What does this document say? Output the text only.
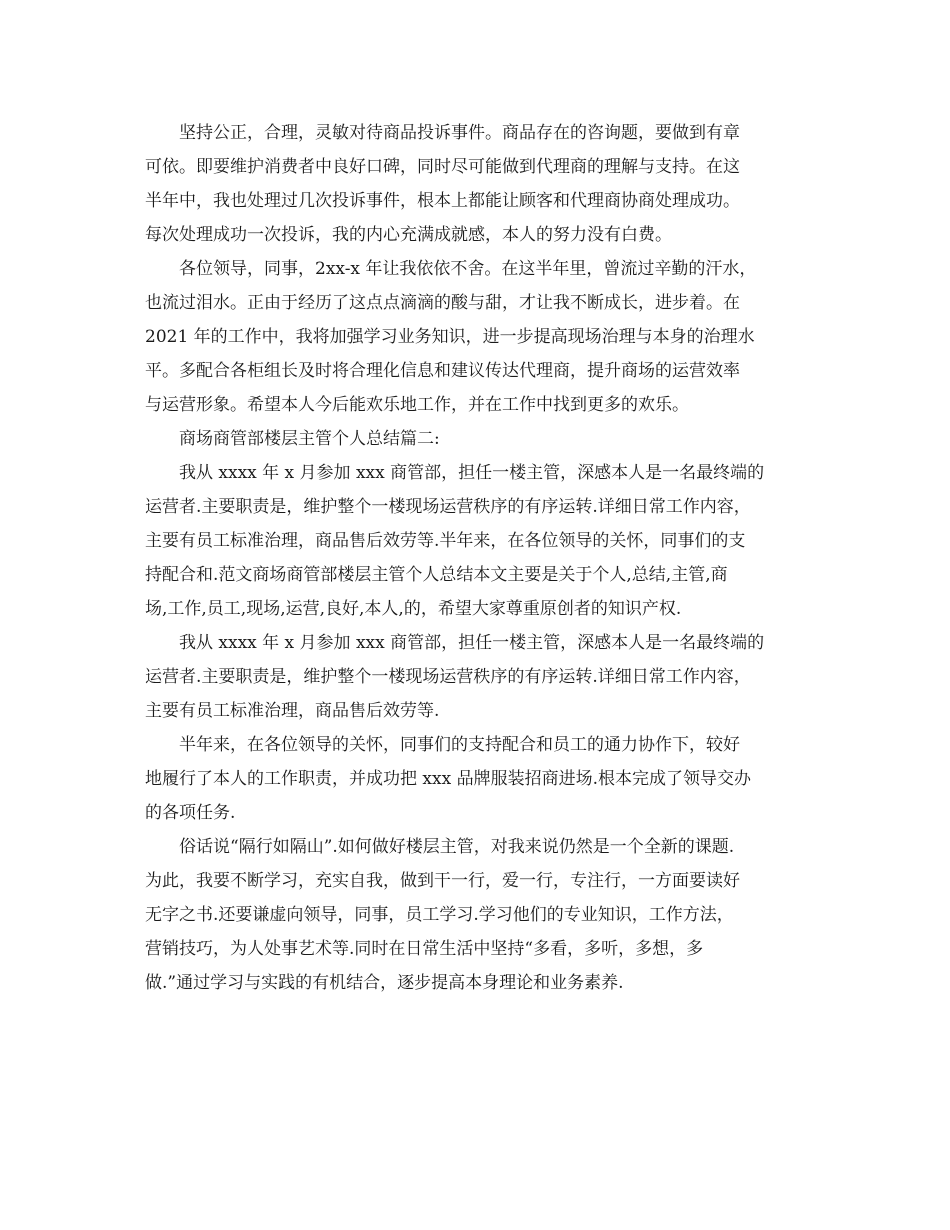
坚持公正，合理，灵敏对待商品投诉事件。商品存在的咨询题，要做到有章

可依。即要维护消费者中良好口碑，同时尽可能做到代理商的理解与支持。在这

半年中，我也处理过几次投诉事件，根本上都能让顾客和代理商协商处理成功。

每次处理成功一次投诉，我的内心充满成就感，本人的努力没有白费。

各位领导，同事，2xx-x 年让我依依不舍。在这半年里，曾流过辛勤的汗水，

也流过泪水。正由于经历了这点点滴滴的酸与甜，才让我不断成长，进步着。在

2021 年的工作中，我将加强学习业务知识，进一步提高现场治理与本身的治理水

平。多配合各柜组长及时将合理化信息和建议传达代理商，提升商场的运营效率

与运营形象。希望本人今后能欢乐地工作，并在工作中找到更多的欢乐。

商场商管部楼层主管个人总结篇二:

我从 xxxx 年 x 月参加 xxx 商管部，担任一楼主管，深感本人是一名最终端的

运营者.主要职责是，维护整个一楼现场运营秩序的有序运转.详细日常工作内容，

主要有员工标准治理，商品售后效劳等.半年来，在各位领导的关怀，同事们的支

持配合和.范文商场商管部楼层主管个人总结本文主要是关于个人,总结,主管,商

场,工作,员工,现场,运营,良好,本人,的，希望大家尊重原创者的知识产权.

我从 xxxx 年 x 月参加 xxx 商管部，担任一楼主管，深感本人是一名最终端的

运营者.主要职责是，维护整个一楼现场运营秩序的有序运转.详细日常工作内容，

主要有员工标准治理，商品售后效劳等.

半年来，在各位领导的关怀，同事们的支持配合和员工的通力协作下，较好

地履行了本人的工作职责，并成功把 xxx 品牌服装招商进场.根本完成了领导交办

的各项任务.

俗话说“隔行如隔山”.如何做好楼层主管，对我来说仍然是一个全新的课题.

为此，我要不断学习，充实自我，做到干一行，爱一行，专注行，一方面要读好

无字之书.还要谦虚向领导，同事，员工学习.学习他们的专业知识，工作方法，

营销技巧，为人处事艺术等.同时在日常生活中坚持“多看，多听，多想，多

做.”通过学习与实践的有机结合，逐步提高本身理论和业务素养.
